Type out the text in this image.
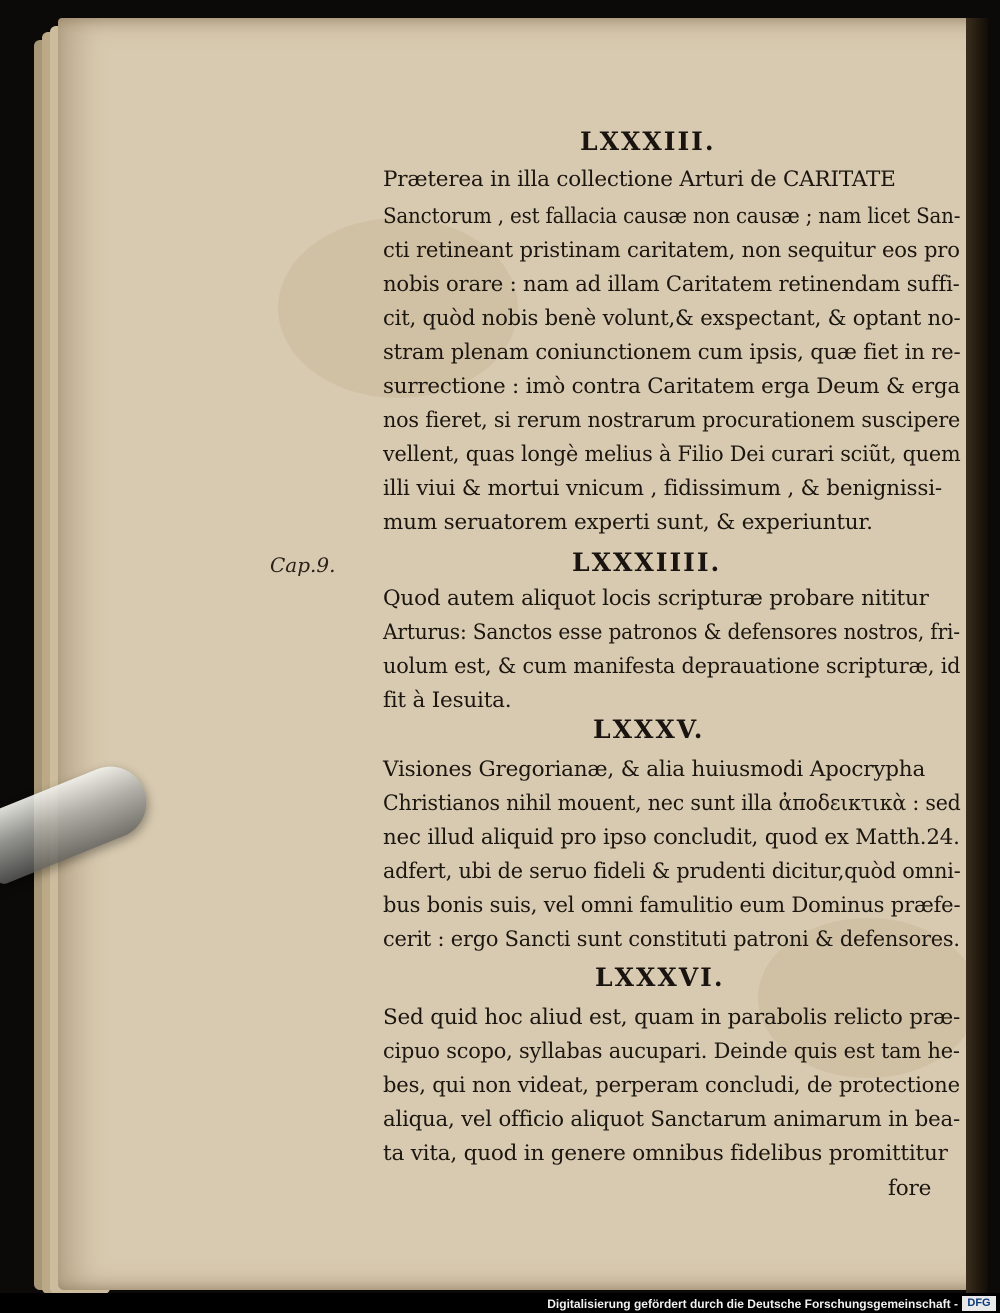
LXXXIII.
Præterea in illa collectione Arturi de CARITATE
Sanctorum , est fallacia causæ non causæ ; nam licet San-
cti retineant pristinam caritatem, non sequitur eos pro
nobis orare : nam ad illam Caritatem retinendam suffi-
cit, quòd nobis benè volunt,& exspectant, & optant no-
stram plenam coniunctionem cum ipsis, quæ fiet in re-
surrectione : imò contra Caritatem erga Deum & erga
nos fieret, si rerum nostrarum procurationem suscipere
vellent, quas longè melius à Filio Dei curari sciũt, quem
illi viui & mortui vnicum , fidissimum , & benignissi-
mum seruatorem experti sunt, & experiuntur.
LXXXIIII.
Cap.9.
Quod autem aliquot locis scripturæ probare nititur
Arturus: Sanctos esse patronos & defensores nostros, fri-
uolum est, & cum manifesta deprauatione scripturæ, id
fit à Iesuita.
LXXXV.
Visiones Gregorianæ, & alia huiusmodi Apocrypha
Christianos nihil mouent, nec sunt illa ἀποδεικτικὰ : sed
nec illud aliquid pro ipso concludit, quod ex Matth.24.
adfert, ubi de seruo fideli & prudenti dicitur,quòd omni-
bus bonis suis, vel omni famulitio eum Dominus præfe-
cerit : ergo Sancti sunt constituti patroni & defensores.
LXXXVI.
Sed quid hoc aliud est, quam in parabolis relicto præ-
cipuo scopo, syllabas aucupari. Deinde quis est tam he-
bes, qui non videat, perperam concludi, de protectione
aliqua, vel officio aliquot Sanctarum animarum in bea-
ta vita, quod in genere omnibus fidelibus promittitur
fore
Digitalisierung gefördert durch die Deutsche Forschungsgemeinschaft - DFG
